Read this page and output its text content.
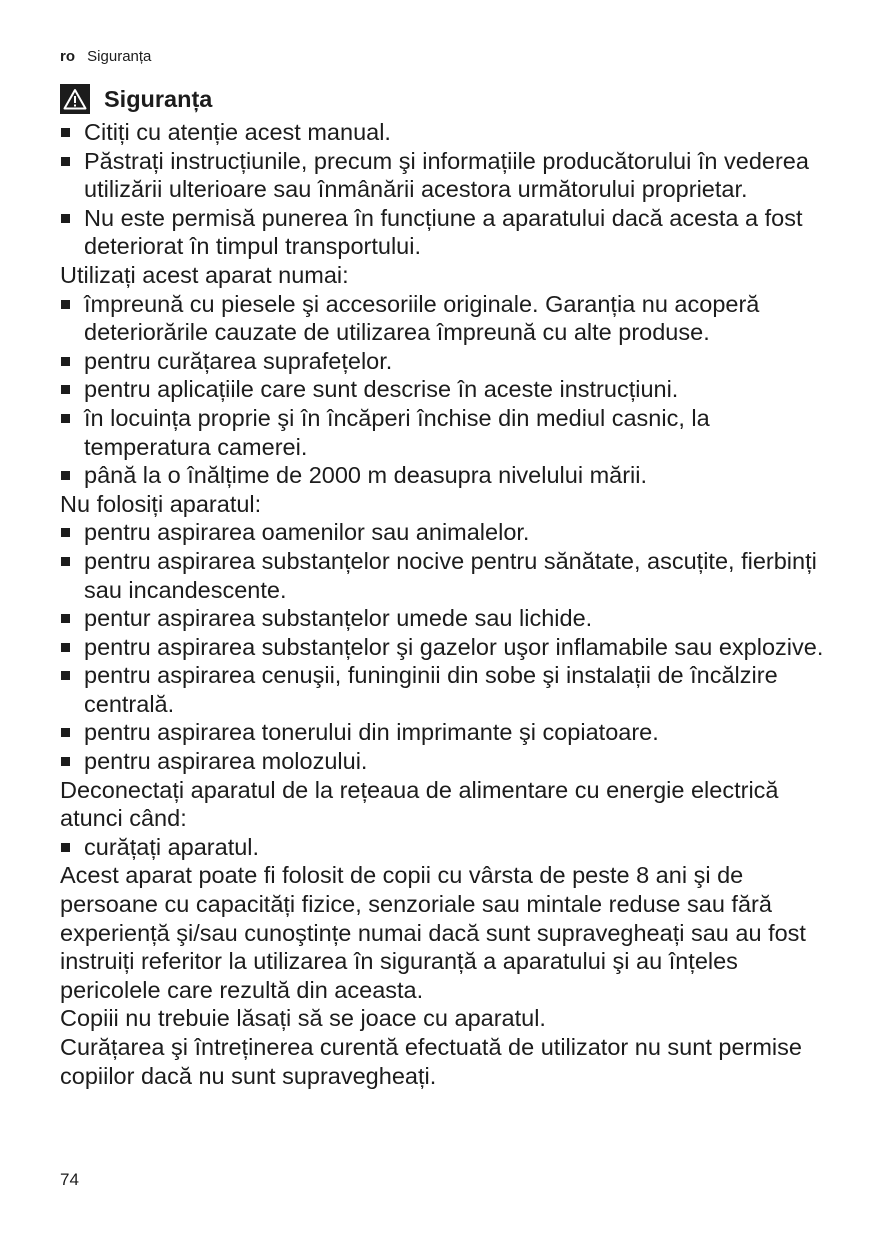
ro Siguranța
Siguranța
Citiți cu atenție acest manual.
Păstrați instrucțiunile, precum şi informațiile producătorului în vederea utilizării ulterioare sau înmânării acestora următorului proprietar.
Nu este permisă punerea în funcțiune a aparatului dacă acesta a fost deteriorat în timpul transportului.

Utilizați acest aparat numai:

împreună cu piesele şi accesoriile originale. Garanția nu acoperă deteriorările cauzate de utilizarea împreună cu alte produse.
pentru curățarea suprafețelor.
pentru aplicațiile care sunt descrise în aceste instrucțiuni.
în locuința proprie şi în încăperi închise din mediul casnic, la temperatura camerei.
până la o înălțime de 2000 m deasupra nivelului mării.

Nu folosiți aparatul:

pentru aspirarea oamenilor sau animalelor.
pentru aspirarea substanțelor nocive pentru sănătate, ascuțite, fierbinți sau incandescente.
pentur aspirarea substanțelor umede sau lichide.
pentru aspirarea substanțelor şi gazelor uşor inflamabile sau explozive.
pentru aspirarea cenuşii, funinginii din sobe şi instalații de încălzire centrală.
pentru aspirarea tonerului din imprimante şi copiatoare.
pentru aspirarea molozului.

Deconectați aparatul de la rețeaua de alimentare cu energie electrică atunci când:

curățați aparatul.

Acest aparat poate fi folosit de copii cu vârsta de peste 8 ani şi de persoane cu capacități fizice, senzoriale sau mintale reduse sau fără experiență şi/sau cunoştințe numai dacă sunt supravegheați sau au fost instruiți referitor la utilizarea în siguranță a aparatului şi au înțeles pericolele care rezultă din aceasta.

Copiii nu trebuie lăsați să se joace cu aparatul.

Curățarea şi întreținerea curentă efectuată de utilizator nu sunt permise copiilor dacă nu sunt supravegheați.

74
